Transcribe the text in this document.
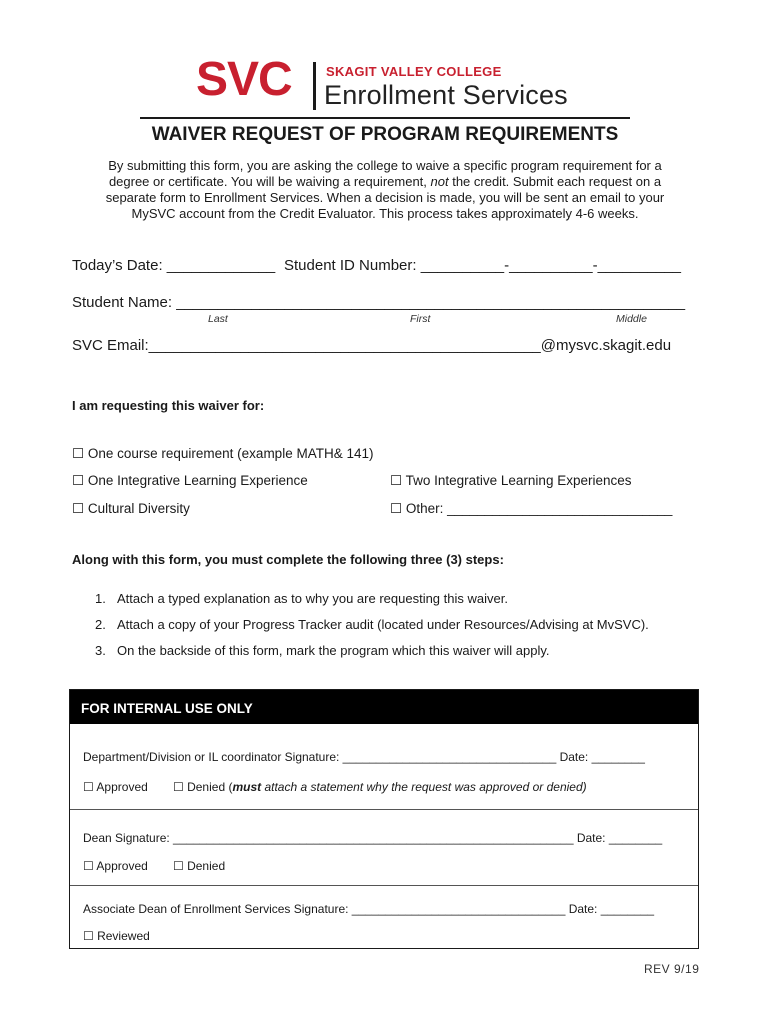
SVC	SKAGIT VALLEY COLLEGE
Enrollment Services
WAIVER REQUEST OF PROGRAM REQUIREMENTS
By submitting this form, you are asking the college to waive a specific program requirement for a
degree or certificate. You will be waiving a requirement, not the credit. Submit each request on a
separate form to Enrollment Services. When a decision is made, you will be sent an email to your
MySVC account from the Credit Evaluator. This process takes approximately 4-6 weeks.
Today’s Date: _____________ Student ID Number: __________-__________-__________
Student Name: _____________________________________________________________
Last	First	Middle
SVC Email:_______________________________________________@mysvc.skagit.edu
I am requesting this waiver for:
☐ One course requirement (example MATH& 141)
☐ One Integrative Learning Experience	☐ Two Integrative Learning Experiences
☐ Cultural Diversity	☐ Other: ______________________________
Along with this form, you must complete the following three (3) steps:
1. Attach a typed explanation as to why you are requesting this waiver.
2. Attach a copy of your Progress Tracker audit (located under Resources/Advising at MvSVC).
3. On the backside of this form, mark the program which this waiver will apply.
FOR INTERNAL USE ONLY
Department/Division or IL coordinator Signature: ________________________________ Date: ________
☐ Approved ☐ Denied (must attach a statement why the request was approved or denied)
Dean Signature: ____________________________________________________________ Date: ________
☐ Approved ☐ Denied
Associate Dean of Enrollment Services Signature: ________________________________ Date: ________
☐ Reviewed
REV 9/19
